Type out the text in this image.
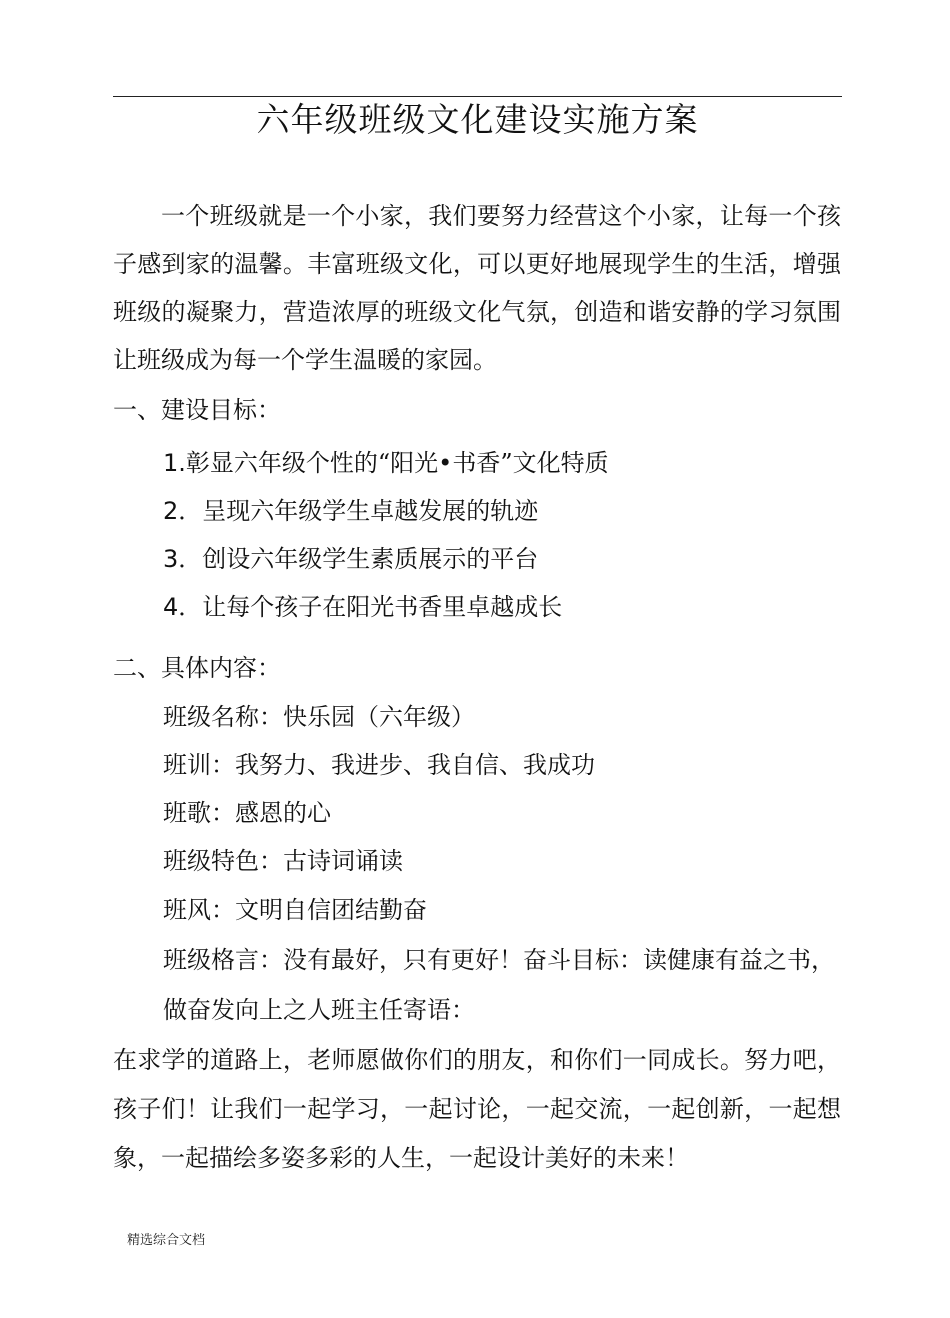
六年级班级文化建设实施方案
一个班级就是一个小家，我们要努力经营这个小家，让每一个孩
子感到家的温馨。丰富班级文化，可以更好地展现学生的生活，增强
班级的凝聚力，营造浓厚的班级文化气氛，创造和谐安静的学习氛围
让班级成为每一个学生温暖的家园。
一、建设目标：
1.彰显六年级个性的“阳光•书香”文化特质
2．呈现六年级学生卓越发展的轨迹
3．创设六年级学生素质展示的平台
4．让每个孩子在阳光书香里卓越成长
二、具体内容：
班级名称：快乐园（六年级）
班训：我努力、我进步、我自信、我成功
班歌：感恩的心
班级特色：古诗词诵读
班风：文明自信团结勤奋
班级格言：没有最好，只有更好！奋斗目标：读健康有益之书，
做奋发向上之人班主任寄语：
在求学的道路上，老师愿做你们的朋友，和你们一同成长。努力吧，
孩子们！让我们一起学习，一起讨论，一起交流，一起创新，一起想
象，一起描绘多姿多彩的人生，一起设计美好的未来！
精选综合文档
